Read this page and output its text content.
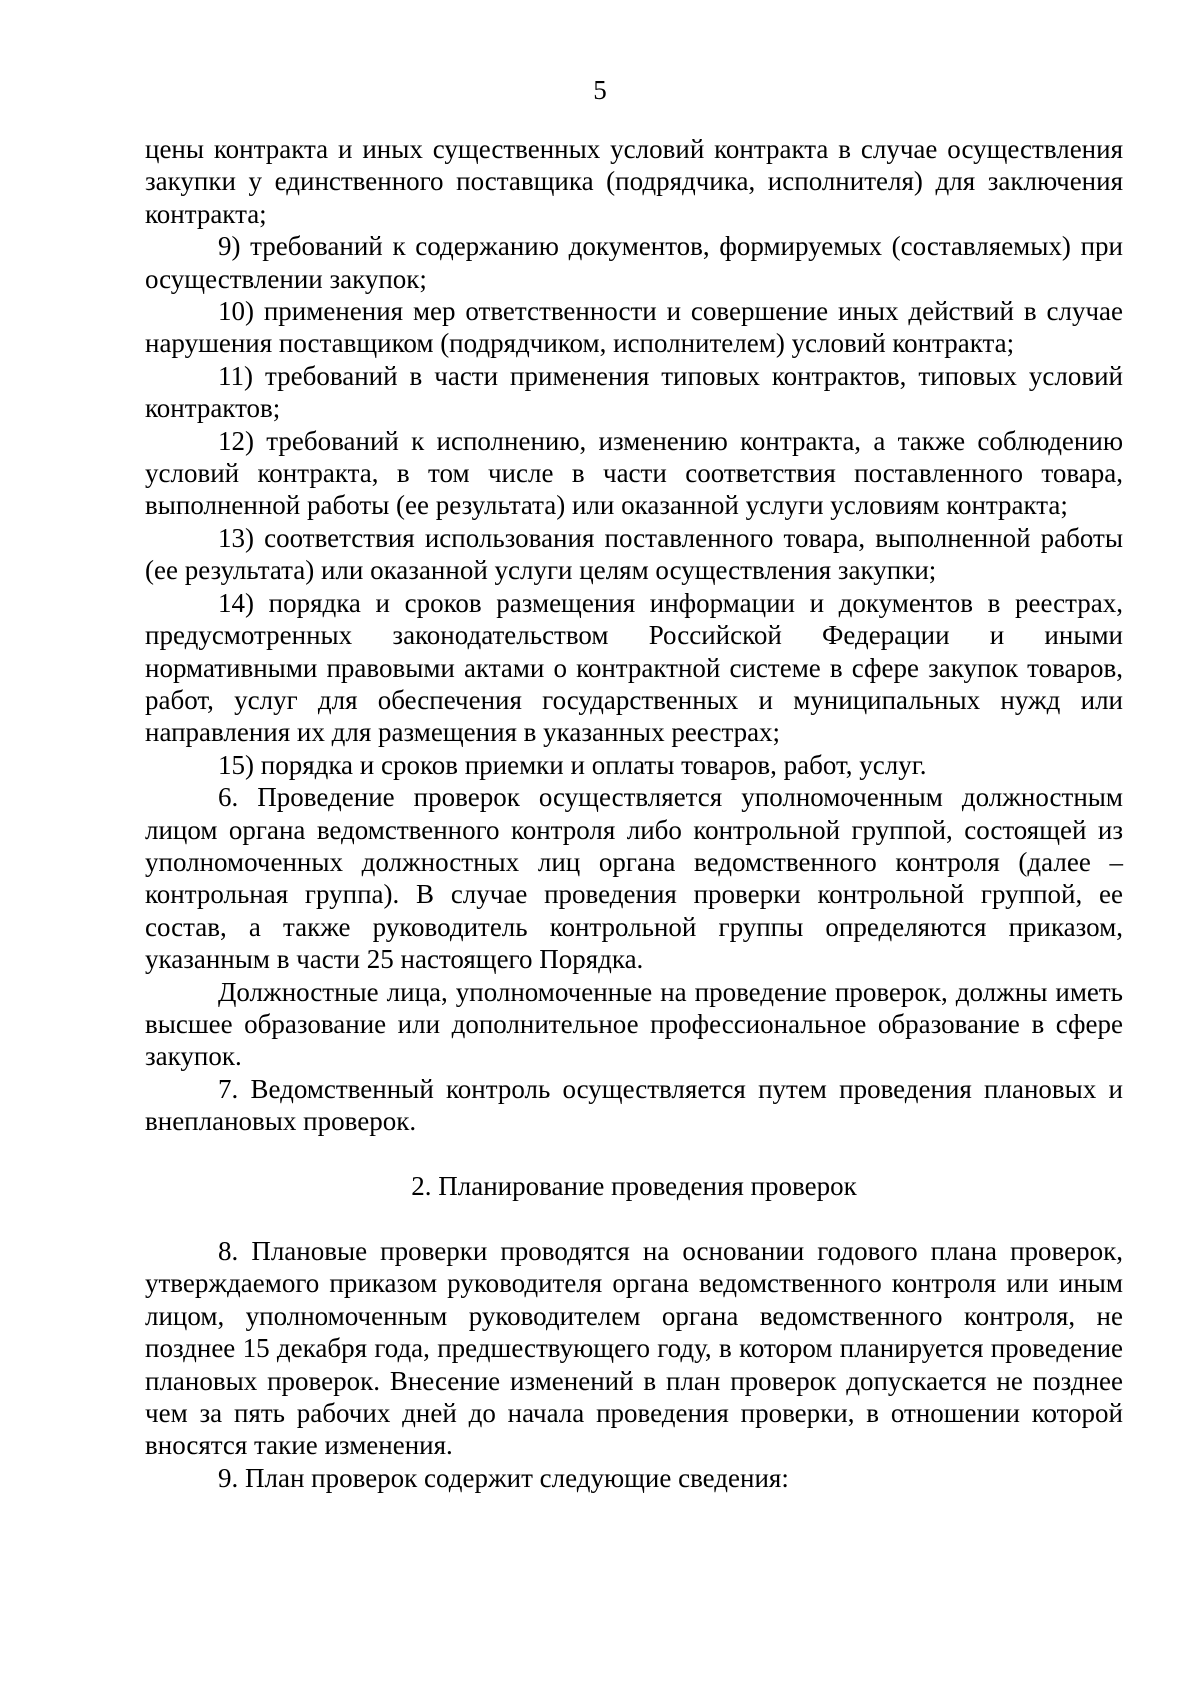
5

цены контракта и иных существенных условий контракта в случае осуществления закупки у единственного поставщика (подрядчика, исполнителя) для заключения контракта;

9) требований к содержанию документов, формируемых (составляемых) при осуществлении закупок;

10) применения мер ответственности и совершение иных действий в случае нарушения поставщиком (подрядчиком, исполнителем) условий контракта;

11) требований в части применения типовых контрактов, типовых условий контрактов;

12) требований к исполнению, изменению контракта, а также соблюдению условий контракта, в том числе в части соответствия поставленного товара, выполненной работы (ее результата) или оказанной услуги условиям контракта;

13) соответствия использования поставленного товара, выполненной работы (ее результата) или оказанной услуги целям осуществления закупки;

14) порядка и сроков размещения информации и документов в реестрах, предусмотренных законодательством Российской Федерации и иными нормативными правовыми актами о контрактной системе в сфере закупок товаров, работ, услуг для обеспечения государственных и муниципальных нужд или направления их для размещения в указанных реестрах;

15) порядка и сроков приемки и оплаты товаров, работ, услуг.

6. Проведение проверок осуществляется уполномоченным должностным лицом органа ведомственного контроля либо контрольной группой, состоящей из уполномоченных должностных лиц органа ведомственного контроля (далее – контрольная группа). В случае проведения проверки контрольной группой, ее состав, а также руководитель контрольной группы определяются приказом, указанным в части 25 настоящего Порядка.

Должностные лица, уполномоченные на проведение проверок, должны иметь высшее образование или дополнительное профессиональное образование в сфере закупок.

7. Ведомственный контроль осуществляется путем проведения плановых и внеплановых проверок.

2. Планирование проведения проверок

8. Плановые проверки проводятся на основании годового плана проверок, утверждаемого приказом руководителя органа ведомственного контроля или иным лицом, уполномоченным руководителем органа ведомственного контроля, не позднее 15 декабря года, предшествующего году, в котором планируется проведение плановых проверок. Внесение изменений в план проверок допускается не позднее чем за пять рабочих дней до начала проведения проверки, в отношении которой вносятся такие изменения.

9. План проверок содержит следующие сведения:
